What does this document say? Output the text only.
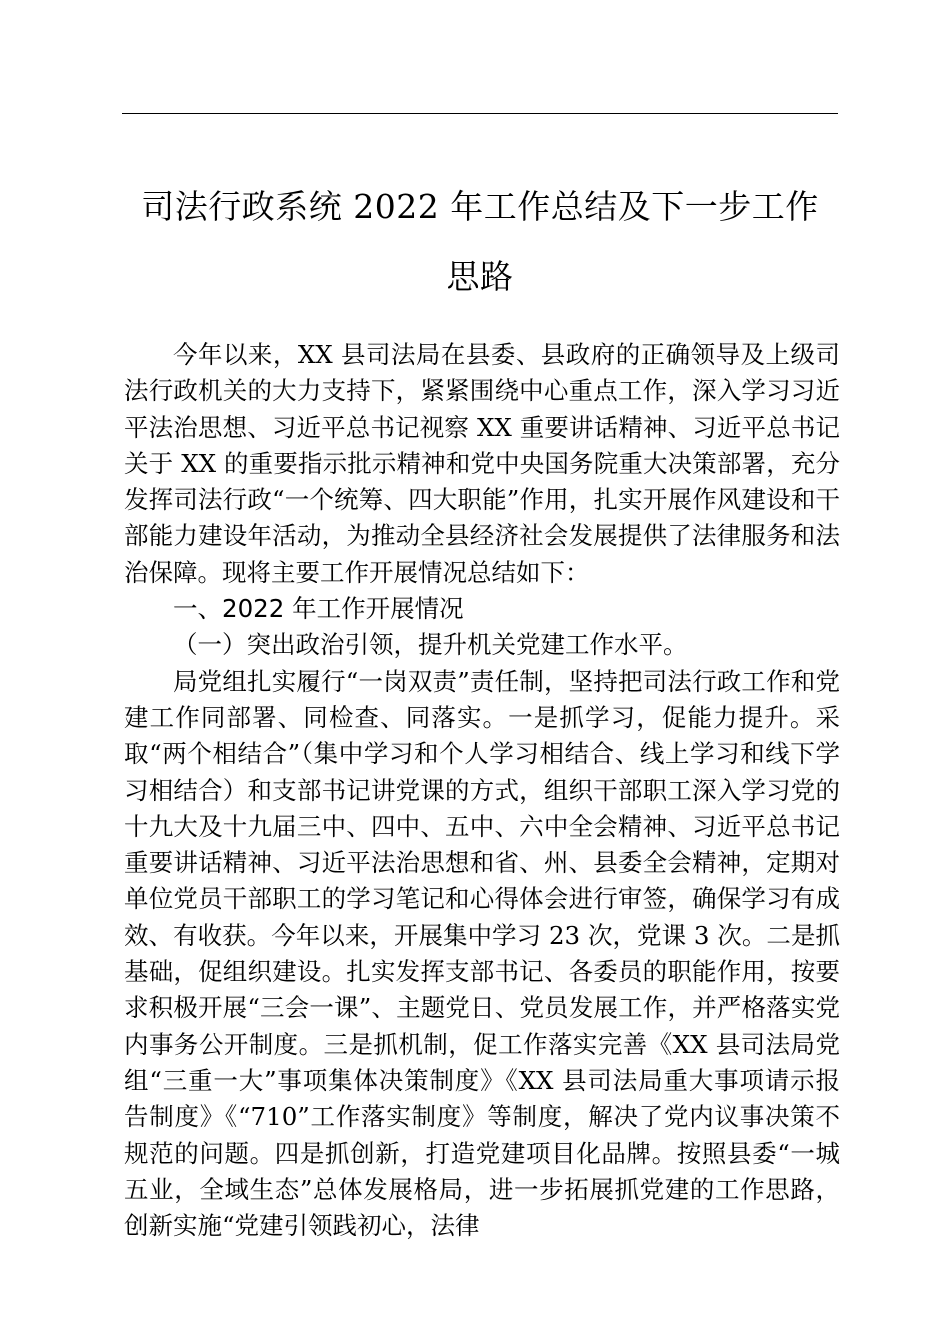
司法行政系统 2022 年工作总结及下一步工作
思路

今年以来，XX 县司法局在县委、县政府的正确领导及上级司法行政机关的大力支持下，紧紧围绕中心重点工作，深入学习习近平法治思想、习近平总书记视察 XX 重要讲话精神、习近平总书记关于 XX 的重要指示批示精神和党中央国务院重大决策部署，充分发挥司法行政“一个统筹、四大职能”作用，扎实开展作风建设和干部能力建设年活动，为推动全县经济社会发展提供了法律服务和法治保障。现将主要工作开展情况总结如下：

一、2022 年工作开展情况

（一）突出政治引领，提升机关党建工作水平。

局党组扎实履行“一岗双责”责任制，坚持把司法行政工作和党建工作同部署、同检查、同落实。一是抓学习，促能力提升。采取“两个相结合”（集中学习和个人学习相结合、线上学习和线下学习相结合）和支部书记讲党课的方式，组织干部职工深入学习党的十九大及十九届三中、四中、五中、六中全会精神、习近平总书记重要讲话精神、习近平法治思想和省、州、县委全会精神，定期对单位党员干部职工的学习笔记和心得体会进行审签，确保学习有成效、有收获。今年以来，开展集中学习 23 次，党课 3 次。二是抓基础，促组织建设。扎实发挥支部书记、各委员的职能作用，按要求积极开展“三会一课”、主题党日、党员发展工作，并严格落实党内事务公开制度。三是抓机制，促工作落实完善《XX 县司法局党组“三重一大”事项集体决策制度》《XX 县司法局重大事项请示报告制度》《“710”工作落实制度》等制度，解决了党内议事决策不规范的问题。四是抓创新，打造党建项目化品牌。按照县委“一城五业，全域生态”总体发展格局，进一步拓展抓党建的工作思路，创新实施“党建引领践初心，法律
